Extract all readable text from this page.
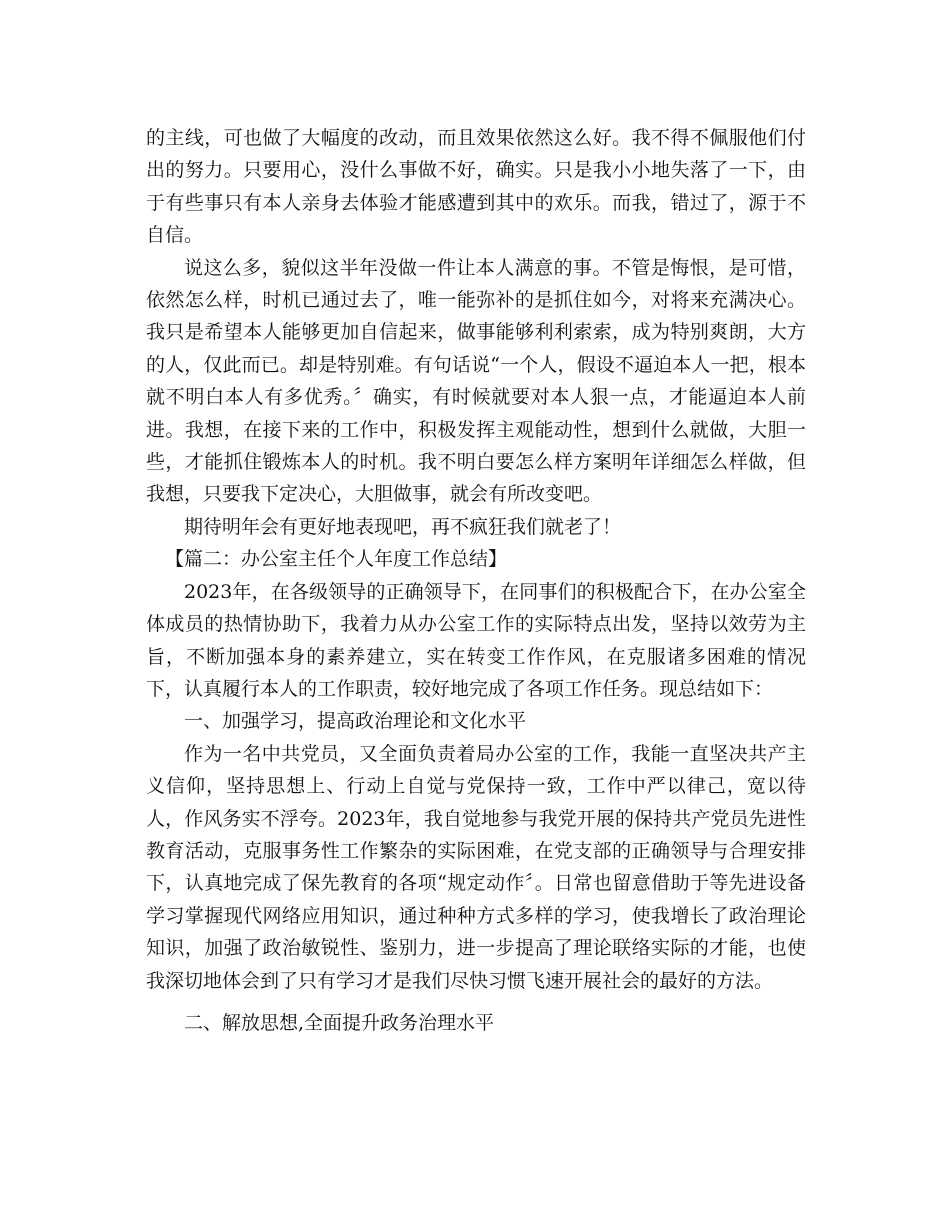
的主线，可也做了大幅度的改动，而且效果依然这么好。我不得不佩服他们付出的努力。只要用心，没什么事做不好，确实。只是我小小地失落了一下，由于有些事只有本人亲身去体验才能感遭到其中的欢乐。而我，错过了，源于不自信。

说这么多，貌似这半年没做一件让本人满意的事。不管是悔恨，是可惜，依然怎么样，时机已通过去了，唯一能弥补的是抓住如今，对将来充满决心。我只是希望本人能够更加自信起来，做事能够利利索索，成为特别爽朗，大方的人，仅此而已。却是特别难。有句话说“一个人，假设不逼迫本人一把，根本就不明白本人有多优秀。〞确实，有时候就要对本人狠一点，才能逼迫本人前进。我想，在接下来的工作中，积极发挥主观能动性，想到什么就做，大胆一些，才能抓住锻炼本人的时机。我不明白要怎么样方案明年详细怎么样做，但我想，只要我下定决心，大胆做事，就会有所改变吧。

期待明年会有更好地表现吧，再不疯狂我们就老了！

【篇二：办公室主任个人年度工作总结】

2023年，在各级领导的正确领导下，在同事们的积极配合下，在办公室全体成员的热情协助下，我着力从办公室工作的实际特点出发，坚持以效劳为主旨，不断加强本身的素养建立，实在转变工作作风，在克服诸多困难的情况下，认真履行本人的工作职责，较好地完成了各项工作任务。现总结如下：

一、加强学习，提高政治理论和文化水平

作为一名中共党员，又全面负责着局办公室的工作，我能一直坚决共产主义信仰，坚持思想上、行动上自觉与党保持一致，工作中严以律己，宽以待人，作风务实不浮夸。2023年，我自觉地参与我党开展的保持共产党员先进性教育活动，克服事务性工作繁杂的实际困难，在党支部的正确领导与合理安排下，认真地完成了保先教育的各项“规定动作〞。日常也留意借助于等先进设备学习掌握现代网络应用知识，通过种种方式多样的学习，使我增长了政治理论知识，加强了政治敏锐性、鉴别力，进一步提高了理论联络实际的才能，也使我深切地体会到了只有学习才是我们尽快习惯飞速开展社会的最好的方法。

二、解放思想,全面提升政务治理水平
